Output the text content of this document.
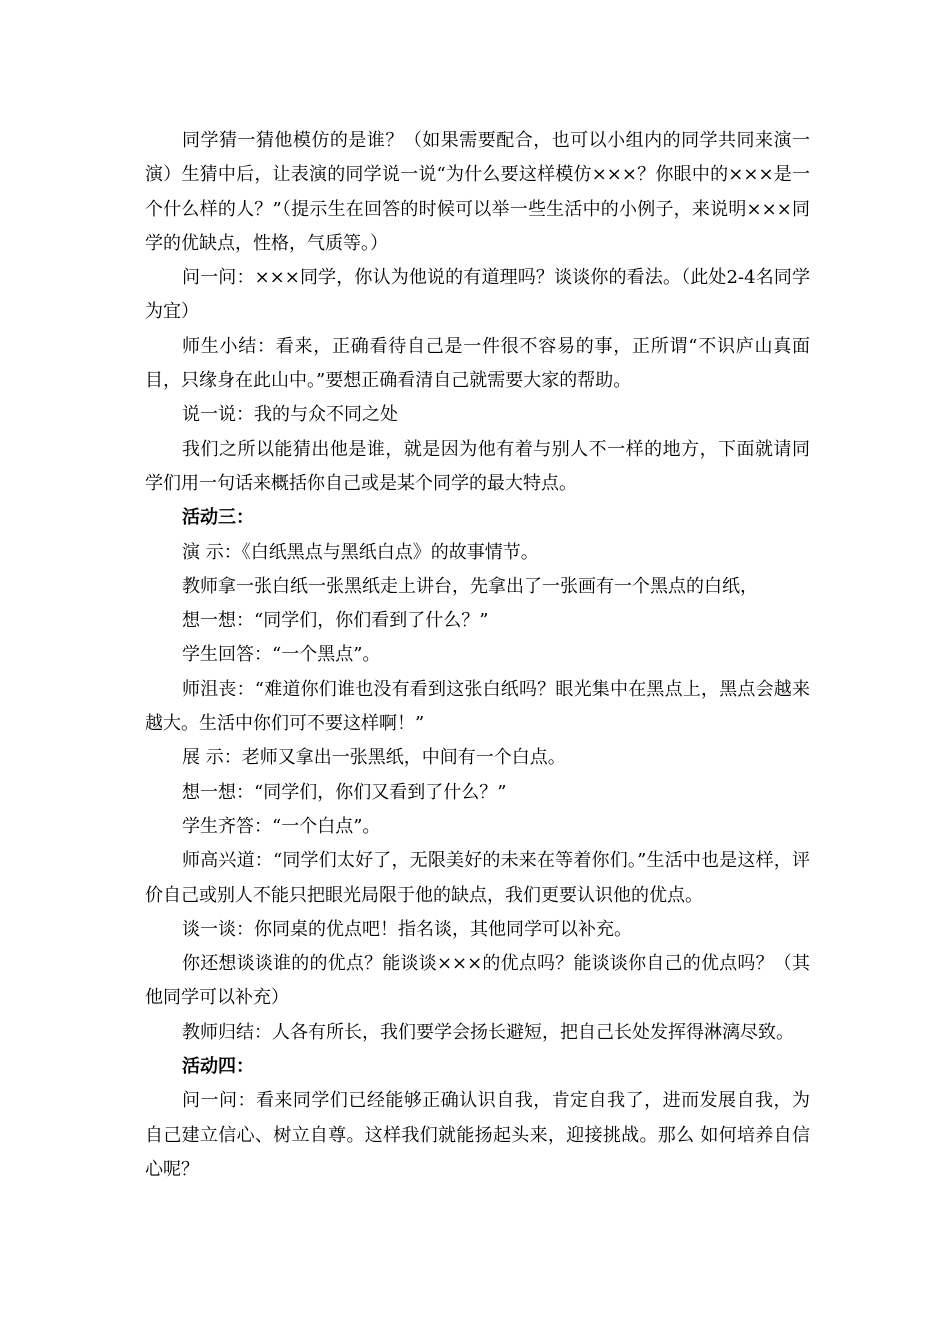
同学猜一猜他模仿的是谁？（如果需要配合，也可以小组内的同学共同来演一演）生猜中后，让表演的同学说一说“为什么要这样模仿×××？你眼中的×××是一个什么样的人？”（提示生在回答的时候可以举一些生活中的小例子，来说明×××同学的优缺点，性格，气质等。）

问一问：×××同学，你认为他说的有道理吗？谈谈你的看法。（此处2-4名同学为宜）

师生小结：看来，正确看待自己是一件很不容易的事，正所谓“不识庐山真面目，只缘身在此山中。”要想正确看清自己就需要大家的帮助。

说一说：我的与众不同之处

我们之所以能猜出他是谁，就是因为他有着与别人不一样的地方，下面就请同学们用一句话来概括你自己或是某个同学的最大特点。

活动三：

演 示：《白纸黑点与黑纸白点》的故事情节。

教师拿一张白纸一张黑纸走上讲台，先拿出了一张画有一个黑点的白纸，

想一想：“同学们，你们看到了什么？”

学生回答：“一个黑点”。

师沮丧：“难道你们谁也没有看到这张白纸吗？眼光集中在黑点上，黑点会越来越大。生活中你们可不要这样啊！”

展 示：老师又拿出一张黑纸，中间有一个白点。

想一想：“同学们，你们又看到了什么？”

学生齐答：“一个白点”。

师高兴道：“同学们太好了，无限美好的未来在等着你们。”生活中也是这样，评价自己或别人不能只把眼光局限于他的缺点，我们更要认识他的优点。

谈一谈：你同桌的优点吧！指名谈，其他同学可以补充。

你还想谈谈谁的的优点？能谈谈×××的优点吗？能谈谈你自己的优点吗？（其他同学可以补充）

教师归结：人各有所长，我们要学会扬长避短，把自己长处发挥得淋漓尽致。

活动四：

问一问：看来同学们已经能够正确认识自我，肯定自我了，进而发展自我，为自己建立信心、树立自尊。这样我们就能扬起头来，迎接挑战。那么 如何培养自信心呢？
